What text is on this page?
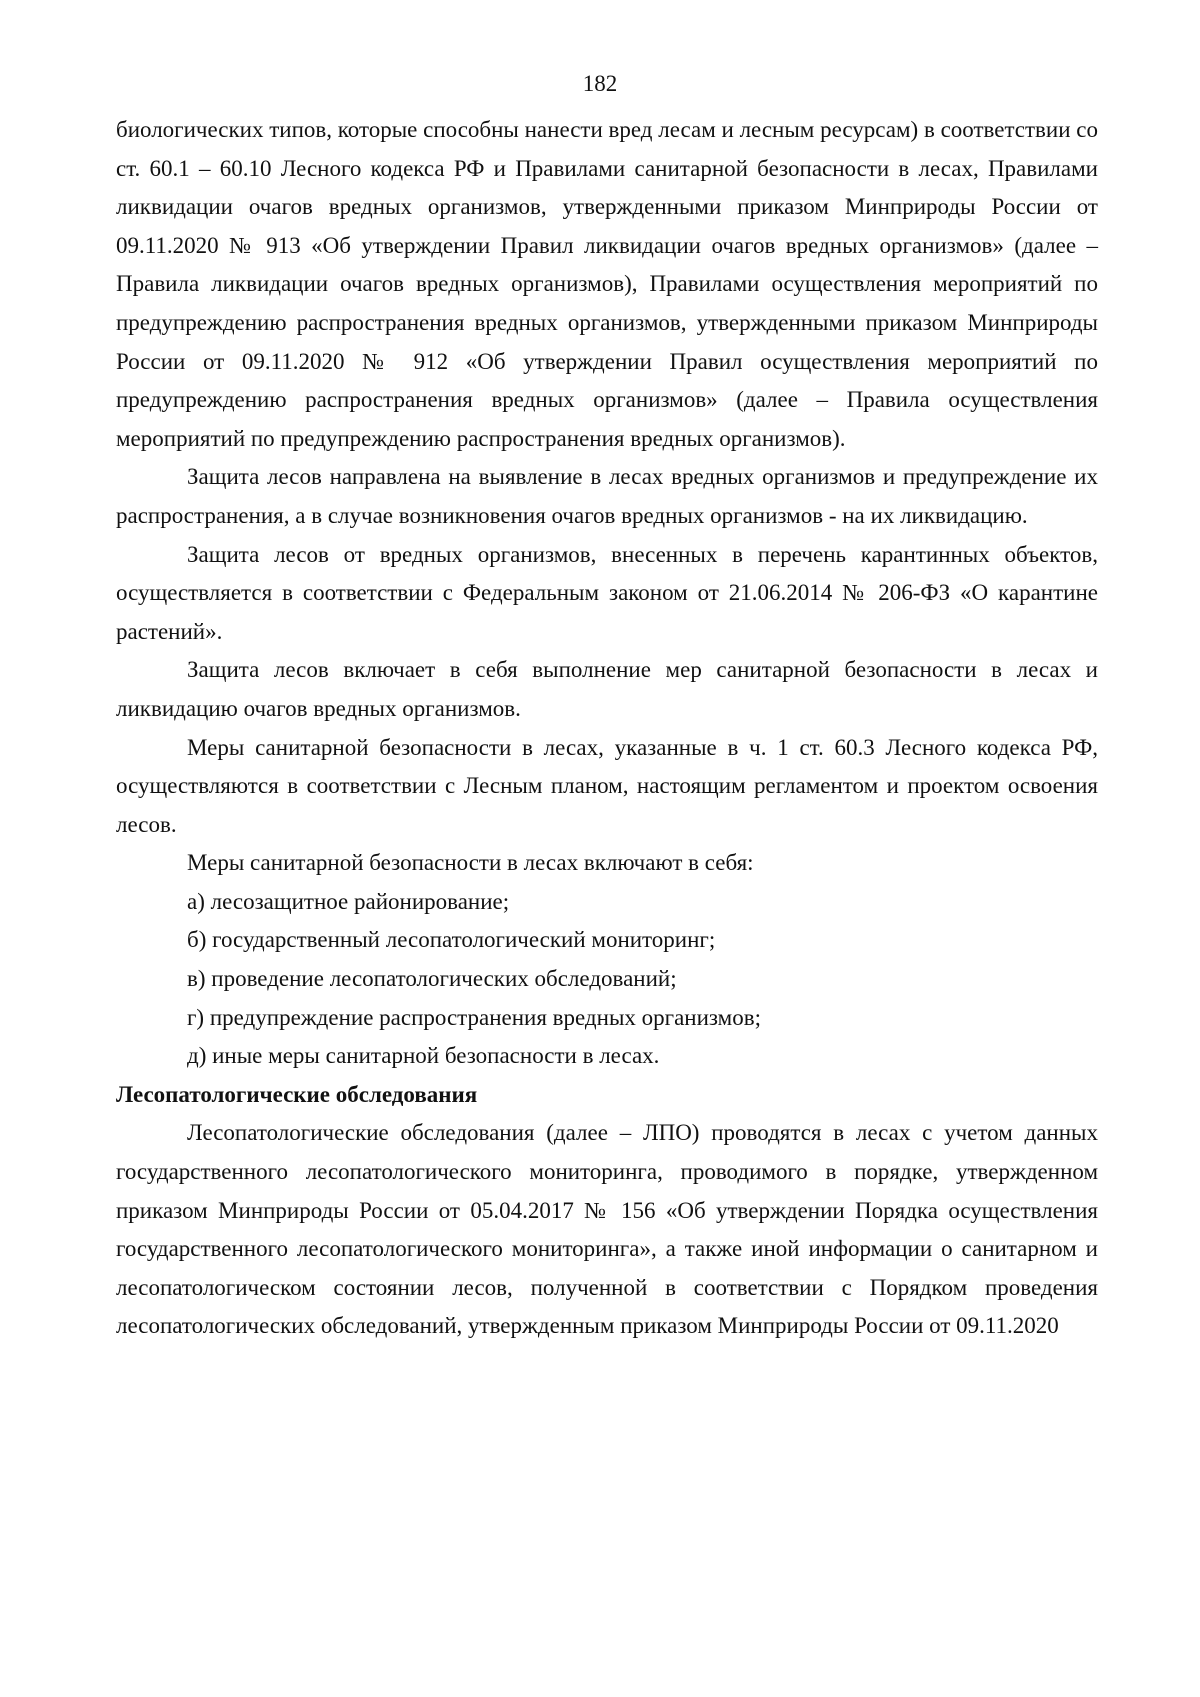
182

биологических типов, которые способны нанести вред лесам и лесным ресурсам) в соответствии со ст. 60.1 – 60.10 Лесного кодекса РФ и Правилами санитарной безопасности в лесах, Правилами ликвидации очагов вредных организмов, утвержденными приказом Минприроды России от 09.11.2020 № 913 «Об утверждении Правил ликвидации очагов вредных организмов» (далее – Правила ликвидации очагов вредных организмов), Правилами осуществления мероприятий по предупреждению распространения вредных организмов, утвержденными приказом Минприроды России от 09.11.2020 № 912 «Об утверждении Правил осуществления мероприятий по предупреждению распространения вредных организмов» (далее – Правила осуществления мероприятий по предупреждению распространения вредных организмов).

Защита лесов направлена на выявление в лесах вредных организмов и предупреждение их распространения, а в случае возникновения очагов вредных организмов - на их ликвидацию.

Защита лесов от вредных организмов, внесенных в перечень карантинных объектов, осуществляется в соответствии с Федеральным законом от 21.06.2014 № 206-ФЗ «О карантине растений».

Защита лесов включает в себя выполнение мер санитарной безопасности в лесах и ликвидацию очагов вредных организмов.

Меры санитарной безопасности в лесах, указанные в ч. 1 ст. 60.3 Лесного кодекса РФ, осуществляются в соответствии с Лесным планом, настоящим регламентом и проектом освоения лесов.

Меры санитарной безопасности в лесах включают в себя:

а) лесозащитное районирование;

б) государственный лесопатологический мониторинг;

в) проведение лесопатологических обследований;

г) предупреждение распространения вредных организмов;

д) иные меры санитарной безопасности в лесах.

Лесопатологические обследования

Лесопатологические обследования (далее – ЛПО) проводятся в лесах с учетом данных государственного лесопатологического мониторинга, проводимого в порядке, утвержденном приказом Минприроды России от 05.04.2017 № 156 «Об утверждении Порядка осуществления государственного лесопатологического мониторинга», а также иной информации о санитарном и лесопатологическом состоянии лесов, полученной в соответствии с Порядком проведения лесопатологических обследований, утвержденным приказом Минприроды России от 09.11.2020
